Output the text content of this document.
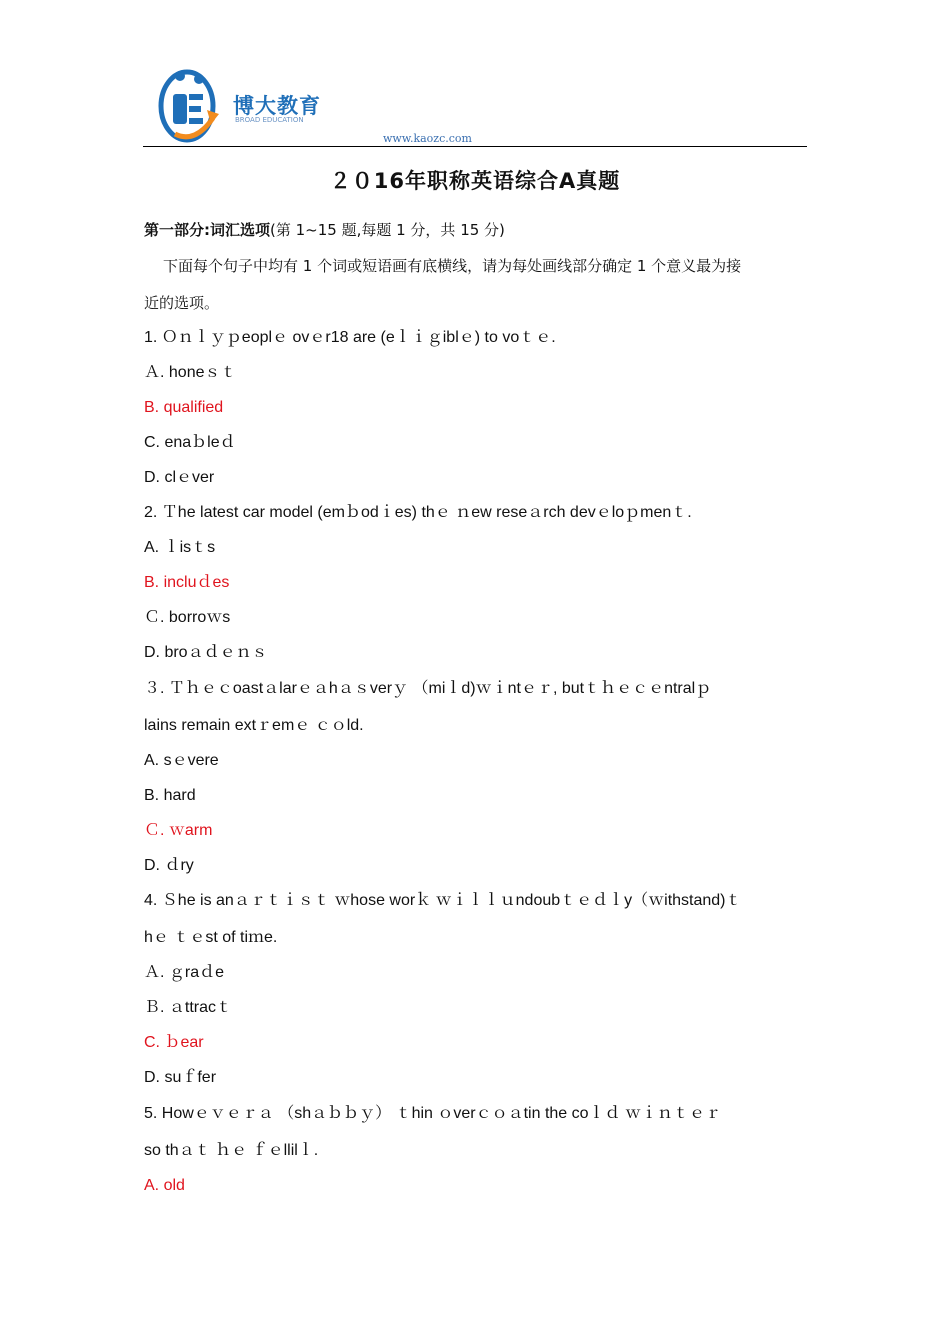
博大教育
BROAD EDUCATION
www.kaozc.com
２０16年职称英语综合A真题
第一部分:词汇选项(第 1~15 题,每题 1 分，共 15 分)
下面每个句子中均有 1 个词或短语画有底横线，请为每处画线部分确定 1 个意义最为接
近的选项。
1. Ｏｎｌｙｐeoplｅ ovｅr18 are (eｌｉｇiblｅ) to voｔｅ.
Ａ. honeｓｔ
B. qualified
C. enaｂleｄ
D. clｅver
2. Ｔhe latest car model (emｂodｉes) thｅ ｎew reseａrch devｅloｐmenｔ.
A. ｌisｔs
B. incluｄes
Ｃ. borroｗs
D. broａｄｅｎｓ
３. Ｔｈｅｃoastａlarｅａhａｓverｙ （miｌd)ｗｉntｅｒ, butｔｈｅｃｅntralｐ
lains remain extｒemｅ ｃｏld.
A. sｅvere
B. hard
Ｃ. ｗarm
D. ｄry
4. Ｓhe is anａｒｔｉｓｔ ｗhose worｋ ｗｉｌｌｕndoubｔｅｄｌy（ｗithstand)ｔ
hｅ ｔｅst of tiｍe.
Ａ. ｇraｄe
Ｂ. ａttracｔ
C. ｂear
D. suｆfer
5. Howｅｖｅｒａ （shａｂｂｙ） ｔhin ｏverｃｏａtin the coｌｄ ｗｉｎｔｅｒ
so thａｔ ｈｅ ｆｅllilｌ.
A. old
